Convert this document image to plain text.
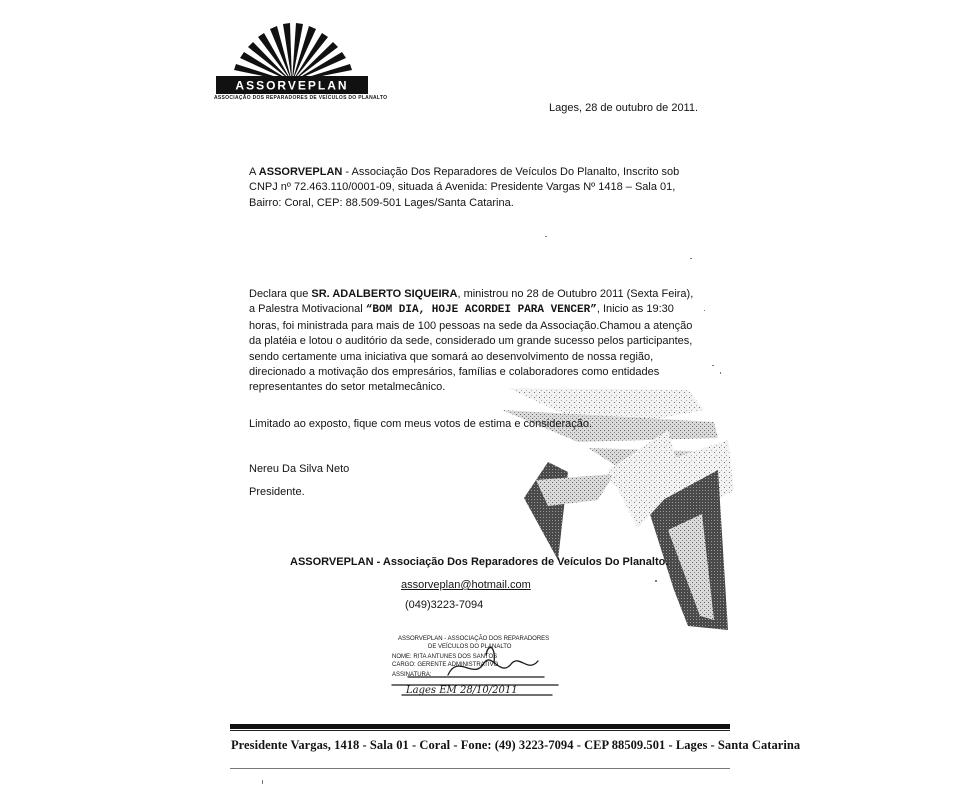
ASSORVEPLAN
ASSOCIAÇÃO DOS REPARADORES DE VEÍCULOS DO PLANALTO
Lages, 28 de outubro de 2011.
A ASSORVEPLAN - Associação Dos Reparadores de Veículos Do Planalto, Inscrito sob
CNPJ nº 72.463.110/0001-09, situada á Avenida: Presidente Vargas Nº 1418 – Sala 01,
Bairro: Coral, CEP: 88.509-501 Lages/Santa Catarina.
Declara que SR. ADALBERTO SIQUEIRA, ministrou no 28 de Outubro 2011 (Sexta Feira),
a Palestra Motivacional “BOM DIA, HOJE ACORDEI PARA VENCER”, Inicio as 19:30
horas, foi ministrada para mais de 100 pessoas na sede da Associação.Chamou a atenção
da platéia e lotou o auditório da sede, considerado um grande sucesso pelos participantes,
sendo certamente uma iniciativa que somará ao desenvolvimento de nossa região,
direcionado a motivação dos empresários, famílias e colaboradores como entidades
representantes do setor metalmecânico.
Limitado ao exposto, fique com meus votos de estima e consideração.
Nereu Da Silva Neto
Presidente.
ASSORVEPLAN - Associação Dos Reparadores de Veículos Do Planalto.
assorveplan@hotmail.com
(049)3223-7094
ASSORVEPLAN - ASSOCIAÇÃO DOS REPARADORES
DE VEÍCULOS DO PLANALTO
NOME: RITA ANTUNES DOS SANTOS
CARGO: GERENTE ADMINISTRATIVO
ASSINATURA:
Lages EM 28/10/2011
Presidente Vargas, 1418 - Sala 01 - Coral - Fone: (49) 3223-7094 - CEP 88509.501 - Lages - Santa Catarina
